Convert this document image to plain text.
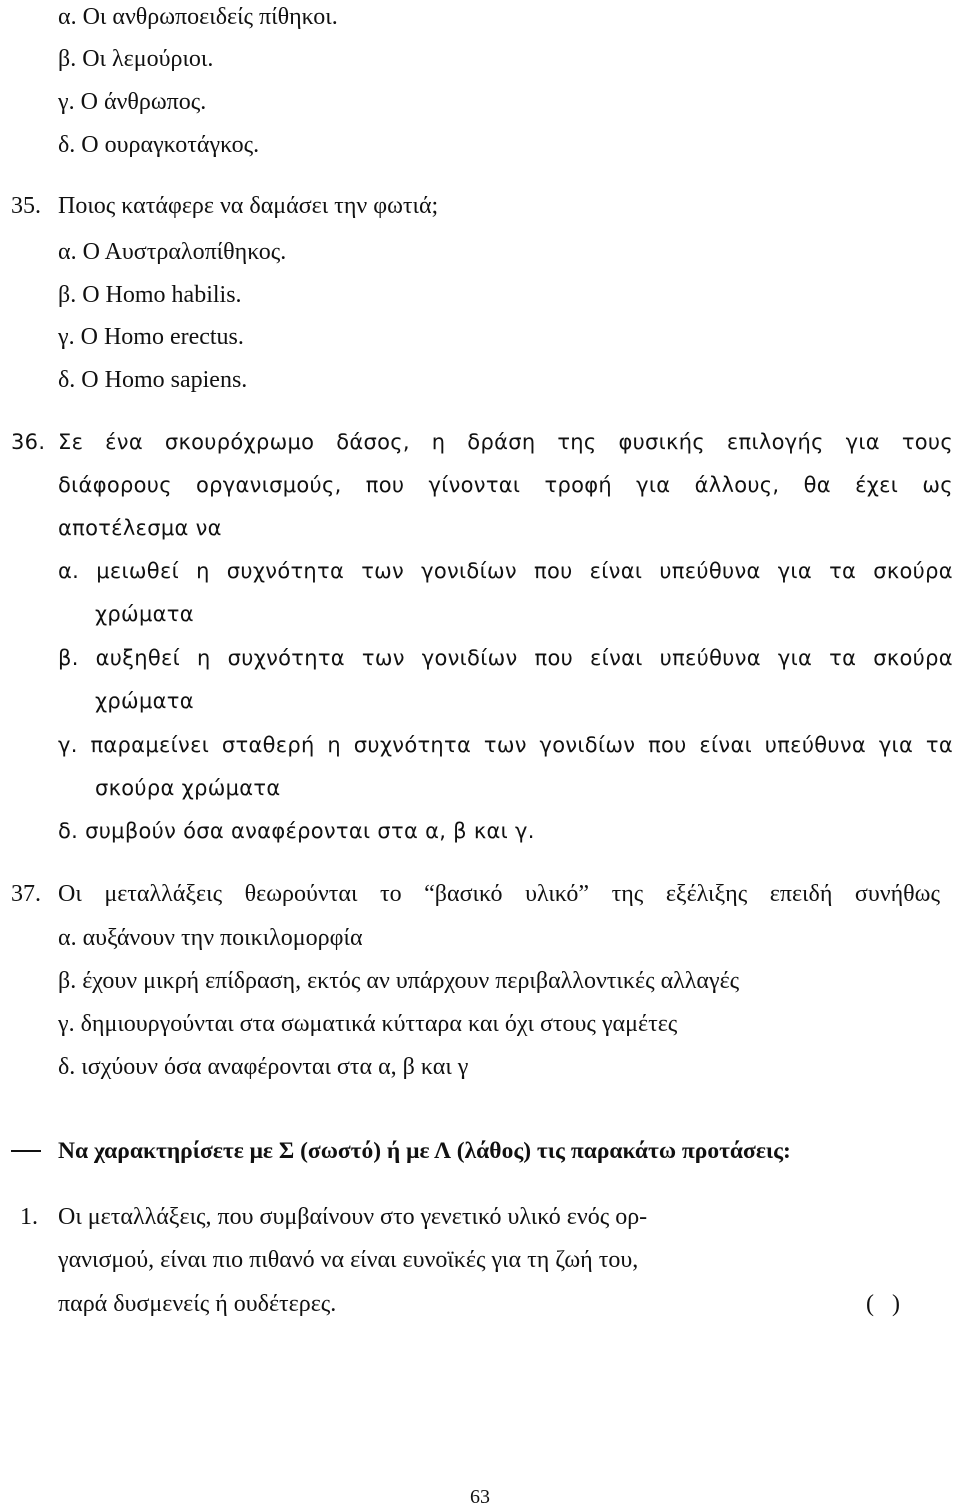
α. Οι ανθρωποειδείς πίθηκοι.
β. Οι λεμούριοι.
γ. Ο άνθρωπος.
δ. Ο ουραγκοτάγκος.
35. Ποιος κατάφερε να δαμάσει την φωτιά;
α. Ο Αυστραλοπίθηκος.
β. Ο Homo habilis.
γ. Ο Homo erectus.
δ. Ο Homo sapiens.
36. Σε ένα σκουρόχρωμο δάσος, η δράση της φυσικής επιλογής για τους
διάφορους οργανισμούς, που γίνονται τροφή για άλλους, θα έχει ως
αποτέλεσμα να
α. μειωθεί η συχνότητα των γονιδίων που είναι υπεύθυνα για τα σκούρα
χρώματα
β. αυξηθεί η συχνότητα των γονιδίων που είναι υπεύθυνα για τα σκούρα
χρώματα
γ. παραμείνει σταθερή η συχνότητα των γονιδίων που είναι υπεύθυνα για τα
σκούρα χρώματα
δ. συμβούν όσα αναφέρονται στα α, β και γ.
37. Οι μεταλλάξεις θεωρούνται το “βασικό υλικό” της εξέλιξης επειδή συνήθως
α. αυξάνουν την ποικιλομορφία
β. έχουν μικρή επίδραση, εκτός αν υπάρχουν περιβαλλοντικές αλλαγές
γ. δημιουργούνται στα σωματικά κύτταρα και όχι στους γαμέτες
δ. ισχύουν όσα αναφέρονται στα α, β και γ
Να χαρακτηρίσετε με Σ (σωστό) ή με Λ (λάθος) τις παρακάτω προτάσεις:
1. Οι μεταλλάξεις, που συμβαίνουν στο γενετικό υλικό ενός ορ-
γανισμού, είναι πιο πιθανό να είναι ευνοϊκές για τη ζωή του,
παρά δυσμενείς ή ουδέτερες.	(   )
63
